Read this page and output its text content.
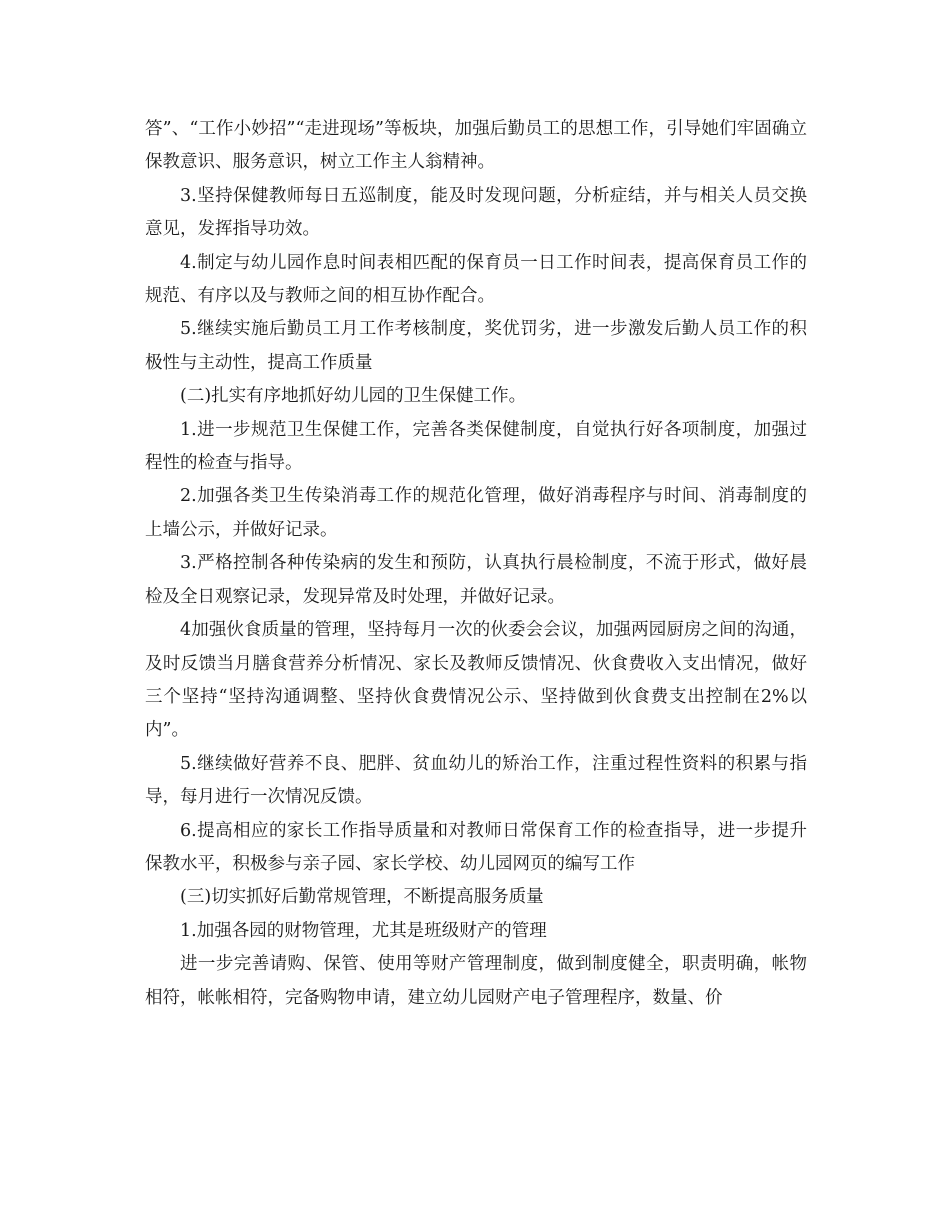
答”、“工作小妙招”“走进现场”等板块，加强后勤员工的思想工作，引导她们牢固确立保教意识、服务意识，树立工作主人翁精神。

3.坚持保健教师每日五巡制度，能及时发现问题，分析症结，并与相关人员交换意见，发挥指导功效。

4.制定与幼儿园作息时间表相匹配的保育员一日工作时间表，提高保育员工作的规范、有序以及与教师之间的相互协作配合。

5.继续实施后勤员工月工作考核制度，奖优罚劣，进一步激发后勤人员工作的积极性与主动性，提高工作质量

(二)扎实有序地抓好幼儿园的卫生保健工作。

1.进一步规范卫生保健工作，完善各类保健制度，自觉执行好各项制度，加强过程性的检查与指导。

2.加强各类卫生传染消毒工作的规范化管理，做好消毒程序与时间、消毒制度的上墙公示，并做好记录。

3.严格控制各种传染病的发生和预防，认真执行晨检制度，不流于形式，做好晨检及全日观察记录，发现异常及时处理，并做好记录。

4加强伙食质量的管理，坚持每月一次的伙委会会议，加强两园厨房之间的沟通，及时反馈当月膳食营养分析情况、家长及教师反馈情况、伙食费收入支出情况，做好三个坚持“坚持沟通调整、坚持伙食费情况公示、坚持做到伙食费支出控制在2%以内”。

5.继续做好营养不良、肥胖、贫血幼儿的矫治工作，注重过程性资料的积累与指导，每月进行一次情况反馈。

6.提高相应的家长工作指导质量和对教师日常保育工作的检查指导，进一步提升保教水平，积极参与亲子园、家长学校、幼儿园网页的编写工作

(三)切实抓好后勤常规管理，不断提高服务质量

1.加强各园的财物管理，尤其是班级财产的管理

进一步完善请购、保管、使用等财产管理制度，做到制度健全，职责明确，帐物相符，帐帐相符，完备购物申请，建立幼儿园财产电子管理程序，数量、价
